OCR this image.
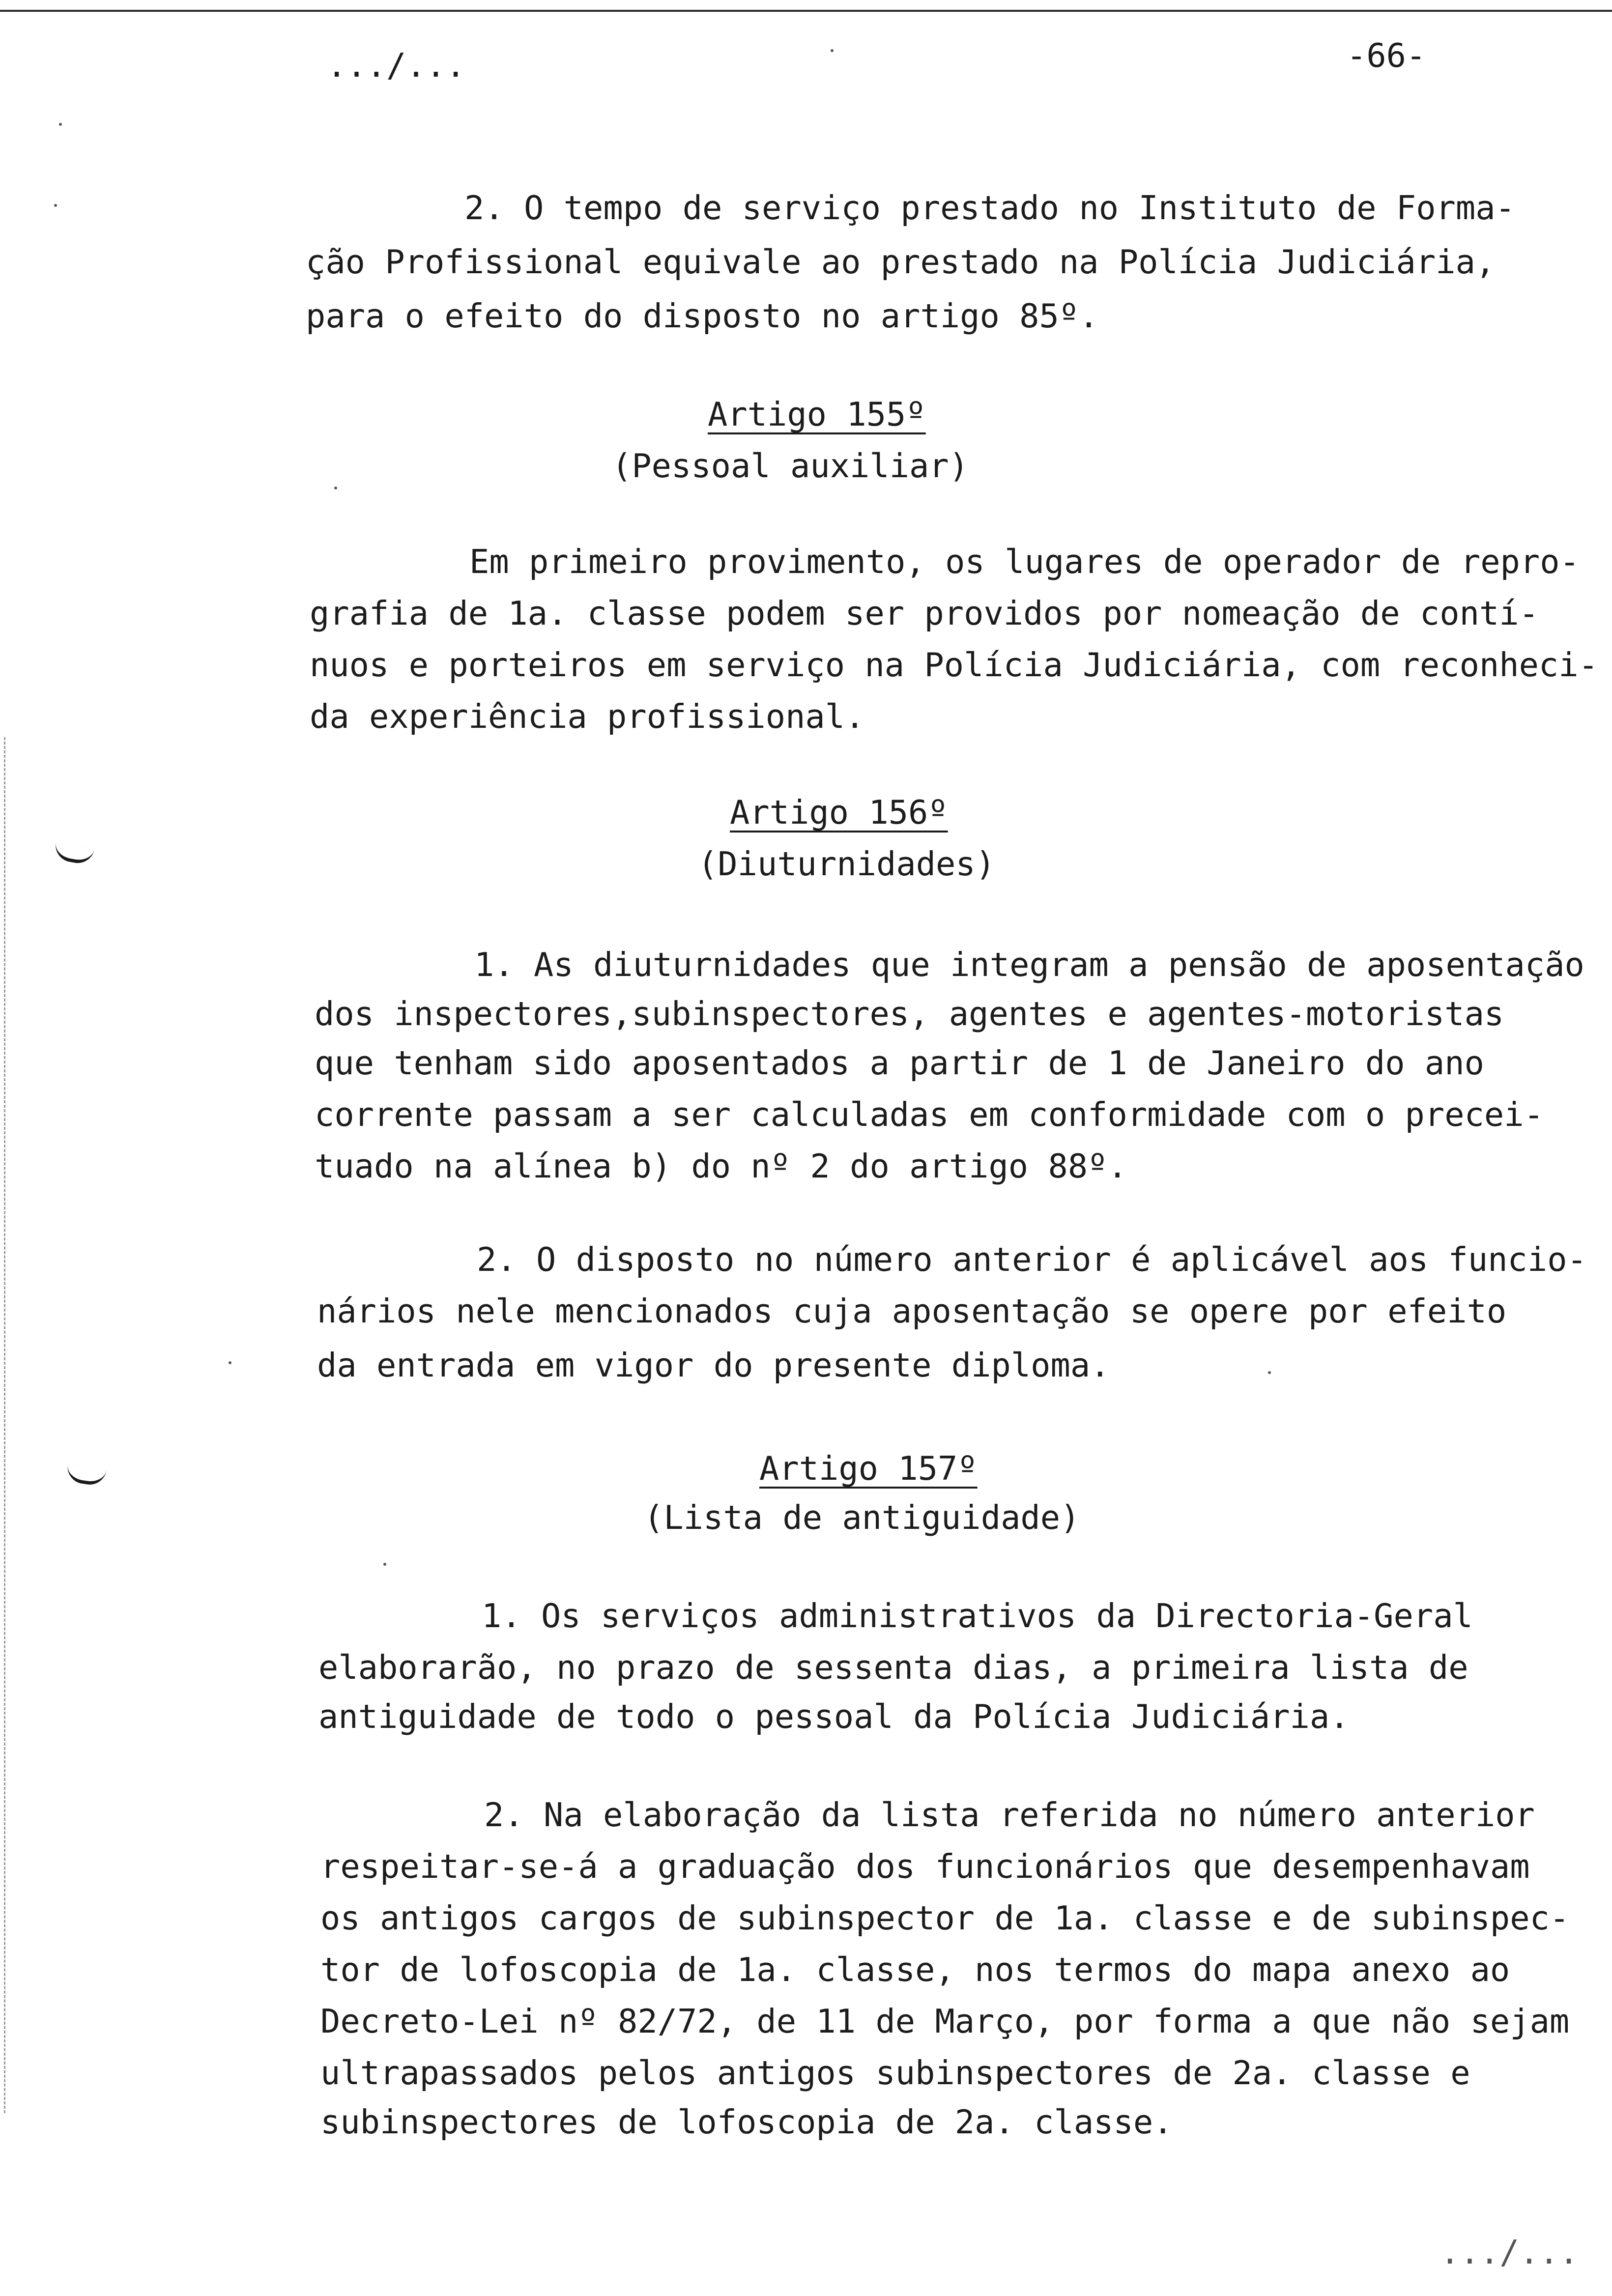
.../...	-66-
2. O tempo de serviço prestado no Instituto de Forma-
ção Profissional equivale ao prestado na Polícia Judiciária,
para o efeito do disposto no artigo 85º.
Artigo 155º
(Pessoal auxiliar)
Em primeiro provimento, os lugares de operador de repro-
grafia de 1a. classe podem ser providos por nomeação de contí-
nuos e porteiros em serviço na Polícia Judiciária, com reconheci-
da experiência profissional.
Artigo 156º
(Diuturnidades)
1. As diuturnidades que integram a pensão de aposentação
dos inspectores,subinspectores, agentes e agentes-motoristas
que tenham sido aposentados a partir de 1 de Janeiro do ano
corrente passam a ser calculadas em conformidade com o precei-
tuado na alínea b) do nº 2 do artigo 88º.
2. O disposto no número anterior é aplicável aos funcio-
nários nele mencionados cuja aposentação se opere por efeito
da entrada em vigor do presente diploma.
Artigo 157º
(Lista de antiguidade)
1. Os serviços administrativos da Directoria-Geral
elaborarão, no prazo de sessenta dias, a primeira lista de
antiguidade de todo o pessoal da Polícia Judiciária.
2. Na elaboração da lista referida no número anterior
respeitar-se-á a graduação dos funcionários que desempenhavam
os antigos cargos de subinspector de 1a. classe e de subinspec-
tor de lofoscopia de 1a. classe, nos termos do mapa anexo ao
Decreto-Lei nº 82/72, de 11 de Março, por forma a que não sejam
ultrapassados pelos antigos subinspectores de 2a. classe e
subinspectores de lofoscopia de 2a. classe.
.../...
